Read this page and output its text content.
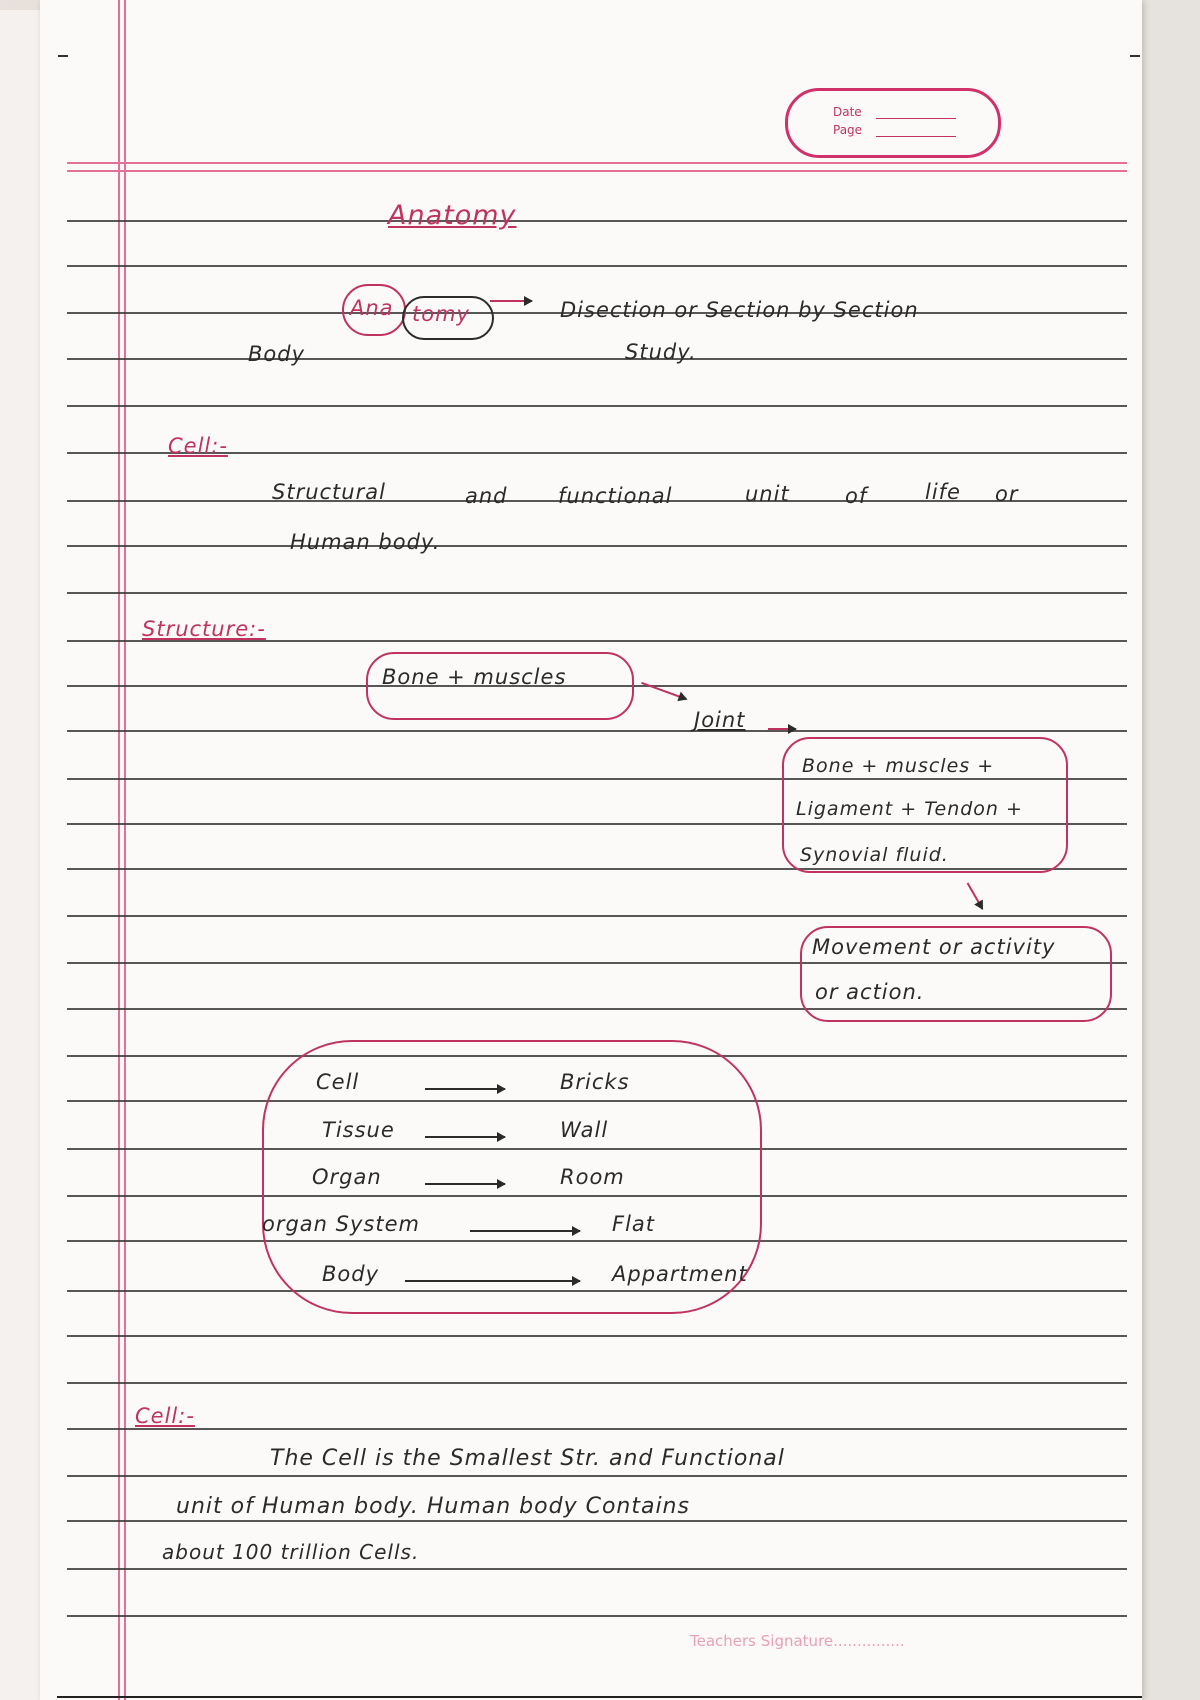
Date
Page
Anatomy
Ana tomy	Disection or Section by Section
Study.
Body
Cell:-
Structural	and functional	unit	of	life or
Human body.
Structure:-
Bone + muscles
Joint
Bone + muscles +
Ligament + Tendon +
Synovial fluid.
Movement or activity
or action.
Cell	Bricks
Tissue	Wall
Organ	Room
organ System	Flat
Body	Appartment
Cell:-
The Cell is the Smallest Str. and Functional
unit of Human body. Human body Contains
about 100 trillion Cells.
Teachers Signature...............
